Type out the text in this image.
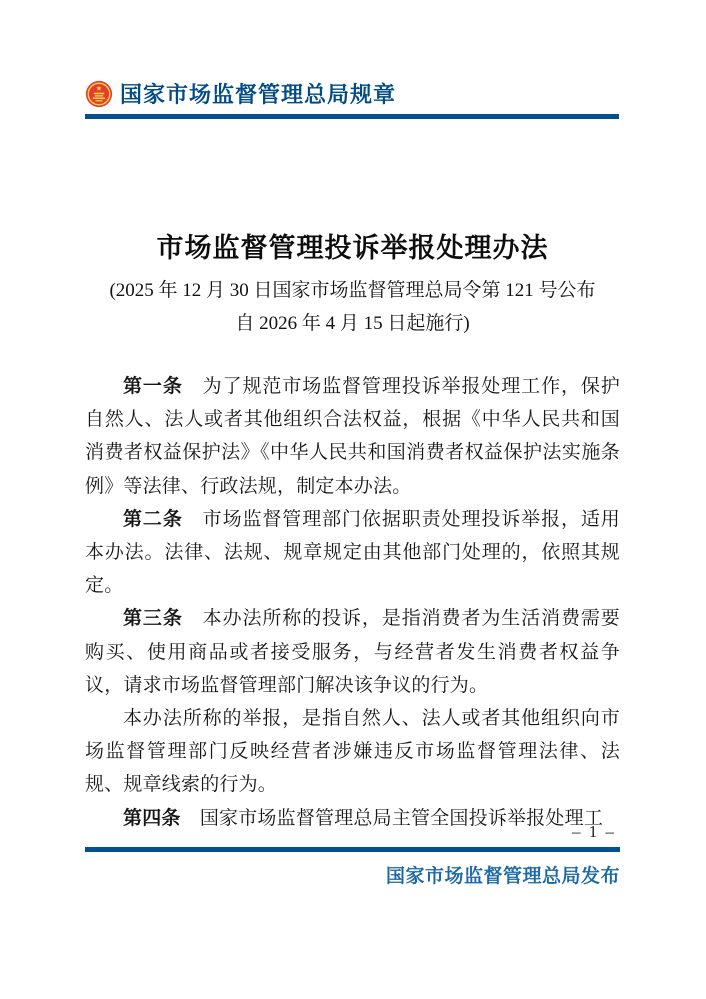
国家市场监督管理总局规章
市场监督管理投诉举报处理办法
(2025 年 12 月 30 日国家市场监督管理总局令第 121 号公布
自 2026 年 4 月 15 日起施行)

第一条　 为了规范市场监督管理投诉举报处理工作，保护自然人、法人或者其他组织合法权益，根据《中华人民共和国消费者权益保护法》《中华人民共和国消费者权益保护法实施条例》等法律、行政法规，制定本办法。

第二条　 市场监督管理部门依据职责处理投诉举报，适用本办法。法律、法规、规章规定由其他部门处理的，依照其规定。

第三条　 本办法所称的投诉，是指消费者为生活消费需要购买、使用商品或者接受服务，与经营者发生消费者权益争议，请求市场监督管理部门解决该争议的行为。

本办法所称的举报，是指自然人、法人或者其他组织向市场监督管理部门反映经营者涉嫌违反市场监督管理法律、法规、规章线索的行为。

第四条　 国家市场监督管理总局主管全国投诉举报处理工

– 1 –
国家市场监督管理总局发布
